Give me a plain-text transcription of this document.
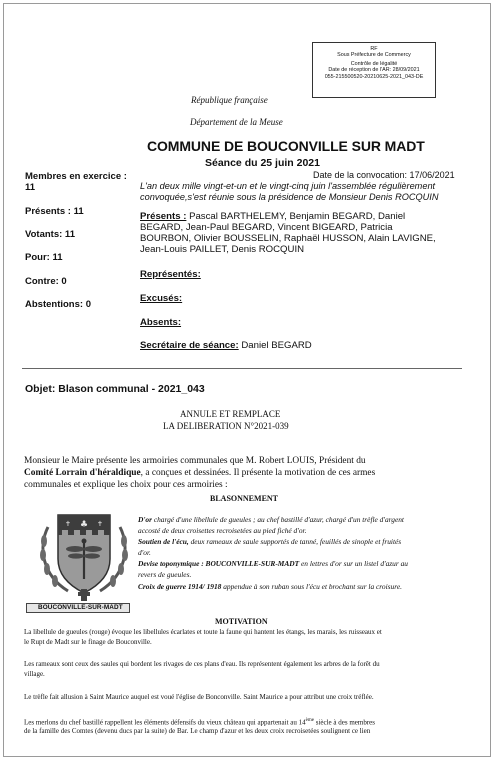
RF
Sous Préfecture de Commercy
Contrôle de légalité
Date de réception de l'AR: 28/09/2021
055-215500520-20210625-2021_043-DE
République française
Département de la Meuse
COMMUNE DE BOUCONVILLE SUR MADT
Séance du 25 juin 2021
Date de la convocation: 17/06/2021
Membres en exercice :
11
Présents : 11
Votants: 11
Pour: 11
Contre: 0
Abstentions: 0
L'an deux mille vingt-et-un et le vingt-cinq juin l'assemblée régulièrement
convoquée,s'est réunie sous la présidence de Monsieur Denis ROCQUIN
Présents : Pascal BARTHELEMY, Benjamin BEGARD, Daniel
BEGARD, Jean-Paul BEGARD, Vincent BIGEARD, Patricia
BOURBON, Olivier BOUSSELIN, Raphaël HUSSON, Alain LAVIGNE,
Jean-Louis PAILLET, Denis ROCQUIN
Représentés:
Excusés:
Absents:
Secrétaire de séance: Daniel BEGARD
Objet: Blason communal - 2021_043
ANNULE ET REMPLACE
LA DELIBERATION N°2021-039
Monsieur le Maire présente les armoiries communales que M. Robert LOUIS, Président du
Comité Lorrain d'héraldique, a conçues et dessinées. Il présente la motivation de ces armes
communales et explique les choix pour ces armoiries :
BLASONNEMENT
♣
✝	✝
BOUCONVILLE-SUR-MADT
D'or chargé d'une libellule de gueules ; au chef bastillé d'azur, chargé d'un trèfle d'argent
accosté de deux croisettes recroisetées au pied fiché d'or.
Soutien de l'écu, deux rameaux de saule supportés de tanné, feuillés de sinople et fruités
d'or.
Devise toponymique : BOUCONVILLE-SUR-MADT en lettres d'or sur un listel d'azur au
revers de gueules.
Croix de guerre 1914/ 1918 appendue à son ruban sous l'écu et brochant sur la croisure.
MOTIVATION
La libellule de gueules (rouge) évoque les libellules écarlates et toute la faune qui hantent les étangs, les marais, les ruisseaux et
le Rupt de Madt sur le finage de Bouconville.
Les rameaux sont ceux des saules qui bordent les rivages de ces plans d'eau. Ils représentent également les arbres de la forêt du
village.
Le trèfle fait allusion à Saint Maurice auquel est voué l'église de Bonconville. Saint Maurice a pour attribut une croix tréflée.
Les merlons du chef bastillé rappellent les éléments défensifs du vieux château qui appartenait au 14ème siècle à des membres
de la famille des Comtes (devenu ducs par la suite) de Bar. Le champ d'azur et les deux croix recroisetées soulignent ce lien
